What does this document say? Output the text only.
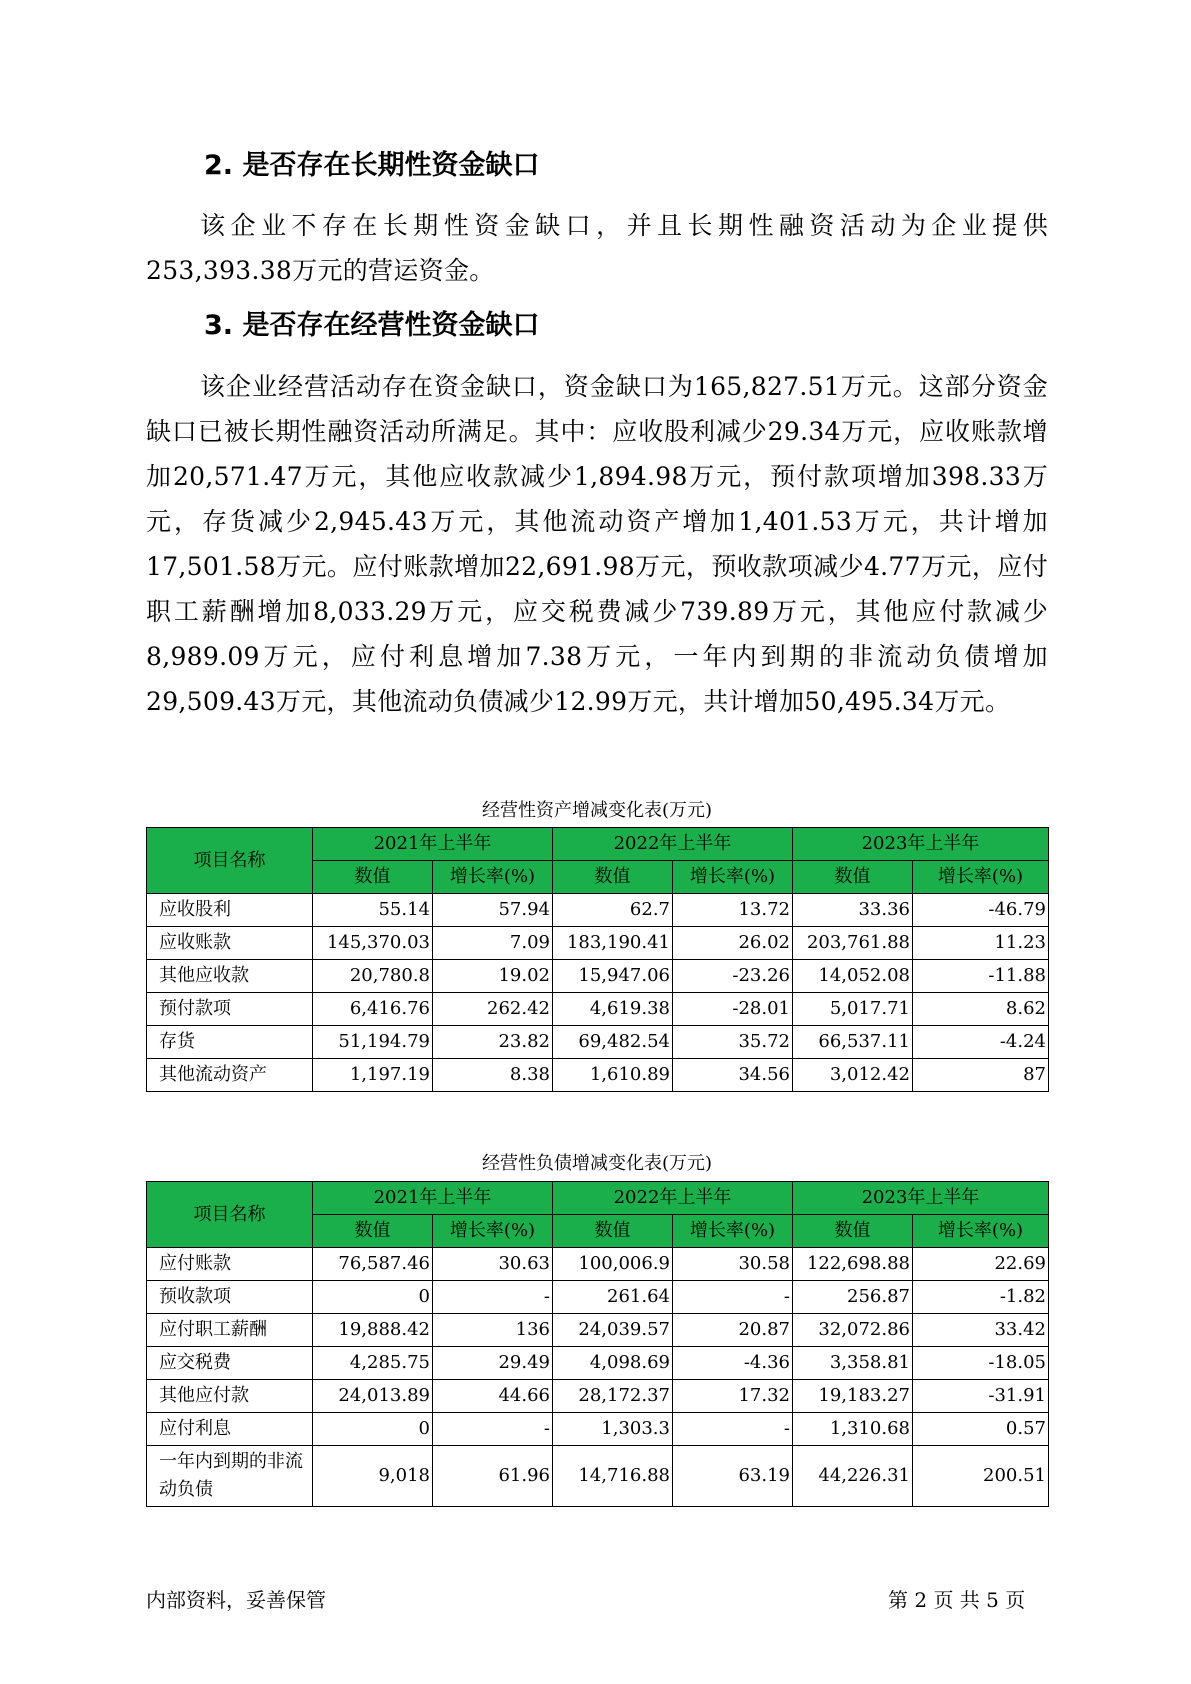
2. 是否存在长期性资金缺口

该企业不存在长期性资金缺口，并且长期性融资活动为企业提供253,393.38万元的营运资金。

3. 是否存在经营性资金缺口

该企业经营活动存在资金缺口，资金缺口为165,827.51万元。这部分资金缺口已被长期性融资活动所满足。其中：应收股利减少29.34万元，应收账款增加20,571.47万元，其他应收款减少1,894.98万元，预付款项增加398.33万元，存货减少2,945.43万元，其他流动资产增加1,401.53万元，共计增加17,501.58万元。应付账款增加22,691.98万元，预收款项减少4.77万元，应付职工薪酬增加8,033.29万元，应交税费减少739.89万元，其他应付款减少8,989.09万元，应付利息增加7.38万元，一年内到期的非流动负债增加29,509.43万元，其他流动负债减少12.99万元，共计增加50,495.34万元。

经营性资产增减变化表(万元)
项目名称	2021年上半年		2022年上半年		2023年上半年	
	数值	增长率(%)	数值	增长率(%)	数值	增长率(%)
应收股利	55.14	57.94	62.7	13.72	33.36	-46.79
应收账款	145,370.03	7.09	183,190.41	26.02	203,761.88	11.23
其他应收款	20,780.8	19.02	15,947.06	-23.26	14,052.08	-11.88
预付款项	6,416.76	262.42	4,619.38	-28.01	5,017.71	8.62
存货	51,194.79	23.82	69,482.54	35.72	66,537.11	-4.24
其他流动资产	1,197.19	8.38	1,610.89	34.56	3,012.42	87
经营性负债增减变化表(万元)
项目名称	2021年上半年		2022年上半年		2023年上半年	
	数值	增长率(%)	数值	增长率(%)	数值	增长率(%)
应付账款	76,587.46	30.63	100,006.9	30.58	122,698.88	22.69
预收款项	0	-	261.64	-	256.87	-1.82
应付职工薪酬	19,888.42	136	24,039.57	20.87	32,072.86	33.42
应交税费	4,285.75	29.49	4,098.69	-4.36	3,358.81	-18.05
其他应付款	24,013.89	44.66	28,172.37	17.32	19,183.27	-31.91
应付利息	0	-	1,303.3	-	1,310.68	0.57
一年内到期的非流动负债	9,018	61.96	14,716.88	63.19	44,226.31	200.51
内部资料，妥善保管	第 2 页 共 5 页
